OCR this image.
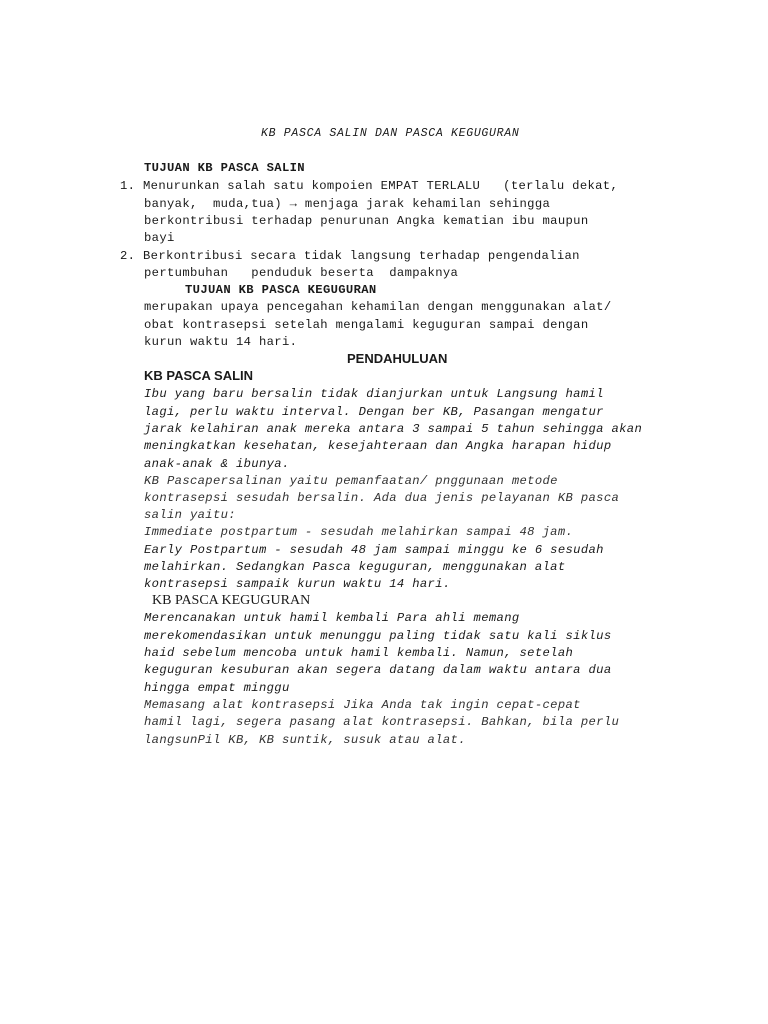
KB PASCA SALIN DAN PASCA KEGUGURAN
TUJUAN KB PASCA SALIN
1. Menurunkan salah satu kompoien EMPAT TERLALU   (terlalu dekat,
banyak,  muda,tua) → menjaga jarak kehamilan sehingga
berkontribusi terhadap penurunan Angka kematian ibu maupun
bayi
2. Berkontribusi secara tidak langsung terhadap pengendalian
pertumbuhan   penduduk beserta  dampaknya
TUJUAN KB PASCA KEGUGURAN
merupakan upaya pencegahan kehamilan dengan menggunakan alat/
obat kontrasepsi setelah mengalami keguguran sampai dengan
kurun waktu 14 hari.
PENDAHULUAN
KB PASCA SALIN
Ibu yang baru bersalin tidak dianjurkan untuk Langsung hamil
lagi, perlu waktu interval. Dengan ber KB, Pasangan mengatur
jarak kelahiran anak mereka antara 3 sampai 5 tahun sehingga akan
meningkatkan kesehatan, kesejahteraan dan Angka harapan hidup
anak-anak & ibunya.
KB Pascapersalinan yaitu pemanfaatan/ pnggunaan metode
kontrasepsi sesudah bersalin. Ada dua jenis pelayanan KB pasca
salin yaitu:
Immediate postpartum - sesudah melahirkan sampai 48 jam.
Early Postpartum - sesudah 48 jam sampai minggu ke 6 sesudah
melahirkan. Sedangkan Pasca keguguran, menggunakan alat
kontrasepsi sampaik kurun waktu 14 hari.
KB PASCA KEGUGURAN
Merencanakan untuk hamil kembali Para ahli memang
merekomendasikan untuk menunggu paling tidak satu kali siklus
haid sebelum mencoba untuk hamil kembali. Namun, setelah
keguguran kesuburan akan segera datang dalam waktu antara dua
hingga empat minggu
Memasang alat kontrasepsi Jika Anda tak ingin cepat-cepat
hamil lagi, segera pasang alat kontrasepsi. Bahkan, bila perlu
langsunPil KB, KB suntik, susuk atau alat.
